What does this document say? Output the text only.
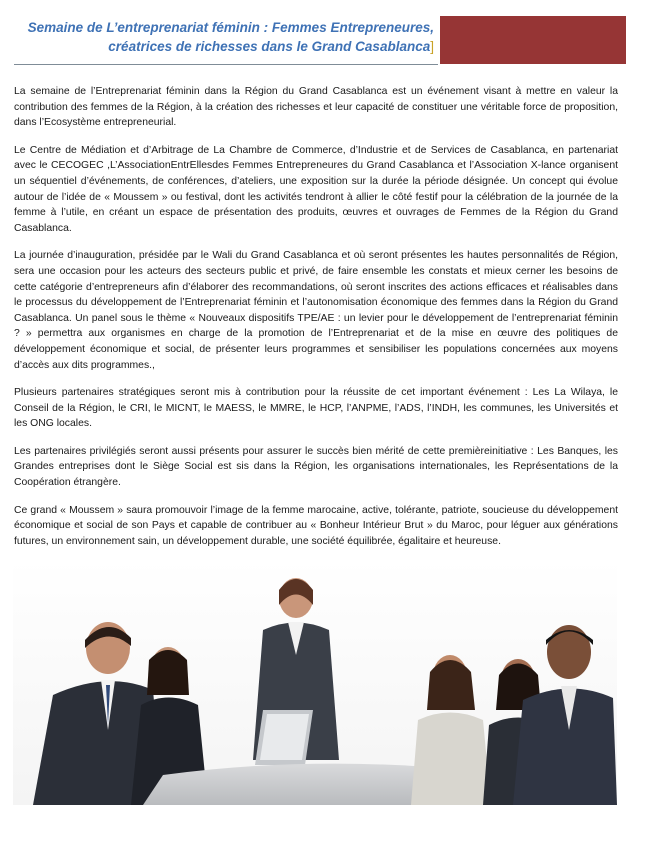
Semaine de L’entreprenariat féminin : Femmes Entrepreneures,
créatrices de richesses dans le Grand Casablanca]

La semaine de l’Entreprenariat féminin dans la Région du Grand Casablanca est un événement visant à mettre en valeur la contribution des femmes de la Région, à la création des richesses et leur capacité de constituer une véritable force de proposition, dans l’Ecosystème entrepreneurial.

Le Centre de Médiation et d’Arbitrage de La Chambre de Commerce, d’Industrie et de Services de Casablanca, en partenariat avec le CECOGEC ,L’AssociationEntrEllesdes Femmes Entrepreneures du Grand Casablanca et l’Association X-lance organisent un séquentiel d’événements, de conférences, d’ateliers, une exposition sur la durée la période désignée. Un concept qui évolue autour de l’idée de « Moussem » ou festival, dont les activités tendront à allier le côté festif pour la célébration de la journée de la femme à l’utile, en créant un espace de présentation des produits, œuvres et ouvrages de Femmes de la Région du Grand Casablanca.

La journée d’inauguration, présidée par le Wali du Grand Casablanca et où seront présentes les hautes personnalités de Région, sera une occasion pour les acteurs des secteurs public et privé, de faire ensemble les constats et mieux cerner les besoins de cette catégorie d’entrepreneurs afin d’élaborer des recommandations, où seront inscrites des actions efficaces et réalisables dans le processus du développement de l’Entreprenariat féminin et l’autonomisation économique des femmes dans la Région du Grand Casablanca. Un panel sous le thème « Nouveaux dispositifs TPE/AE : un levier pour le développement de l’entreprenariat féminin ? » permettra aux organismes en charge de la promotion de l’Entreprenariat et de la mise en œuvre des politiques de développement économique et social, de présenter leurs programmes et sensibiliser les populations concernées aux moyens d’accès aux dits programmes.,

Plusieurs partenaires stratégiques seront mis à contribution pour la réussite de cet important événement : Les La Wilaya, le Conseil de la Région, le CRI, le MICNT, le MAESS, le MMRE, le HCP, l’ANPME, l’ADS, l’INDH, les communes, les Universités et les ONG locales.

Les partenaires privilégiés seront aussi présents pour assurer le succès bien mérité de cette premièreinitiative : Les Banques, les Grandes entreprises dont le Siège Social est sis dans la Région, les organisations internationales, les Représentations de la Coopération étrangère.

Ce grand « Moussem » saura promouvoir l’image de la femme marocaine, active, tolérante, patriote, soucieuse du développement économique et social de son Pays et capable de contribuer au « Bonheur Intérieur Brut » du Maroc, pour léguer aux générations futures, un environnement sain, un développement durable, une société équilibrée, égalitaire et heureuse.
